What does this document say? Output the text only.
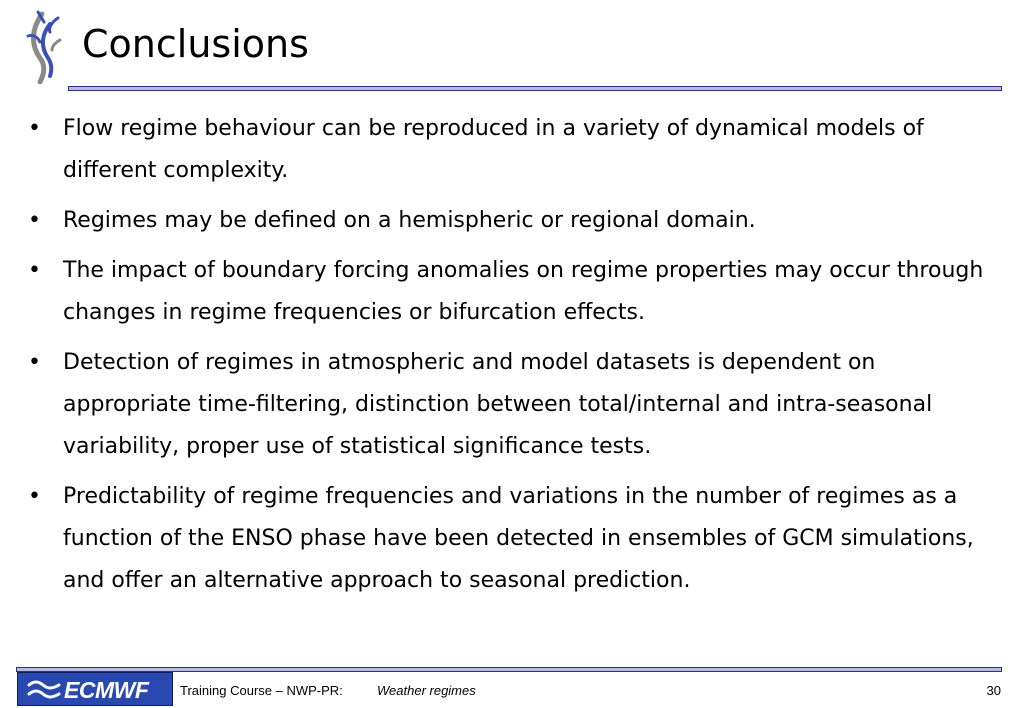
Conclusions
•	Flow regime behaviour can be reproduced in a variety of dynamical models of different complexity.
•	Regimes may be defined on a hemispheric or regional domain.
•	The impact of boundary forcing anomalies on regime properties may occur through changes in regime frequencies or bifurcation effects.
•	Detection of regimes in atmospheric and model datasets is dependent on appropriate time-filtering, distinction between total/internal and intra-seasonal variability, proper use of statistical significance tests.
•	Predictability of regime frequencies and variations in the number of regimes as a function of the ENSO phase have been detected in ensembles of GCM simulations, and offer an alternative approach to seasonal prediction.
ECMWF Training Course – NWP-PR:	Weather regimes	30
